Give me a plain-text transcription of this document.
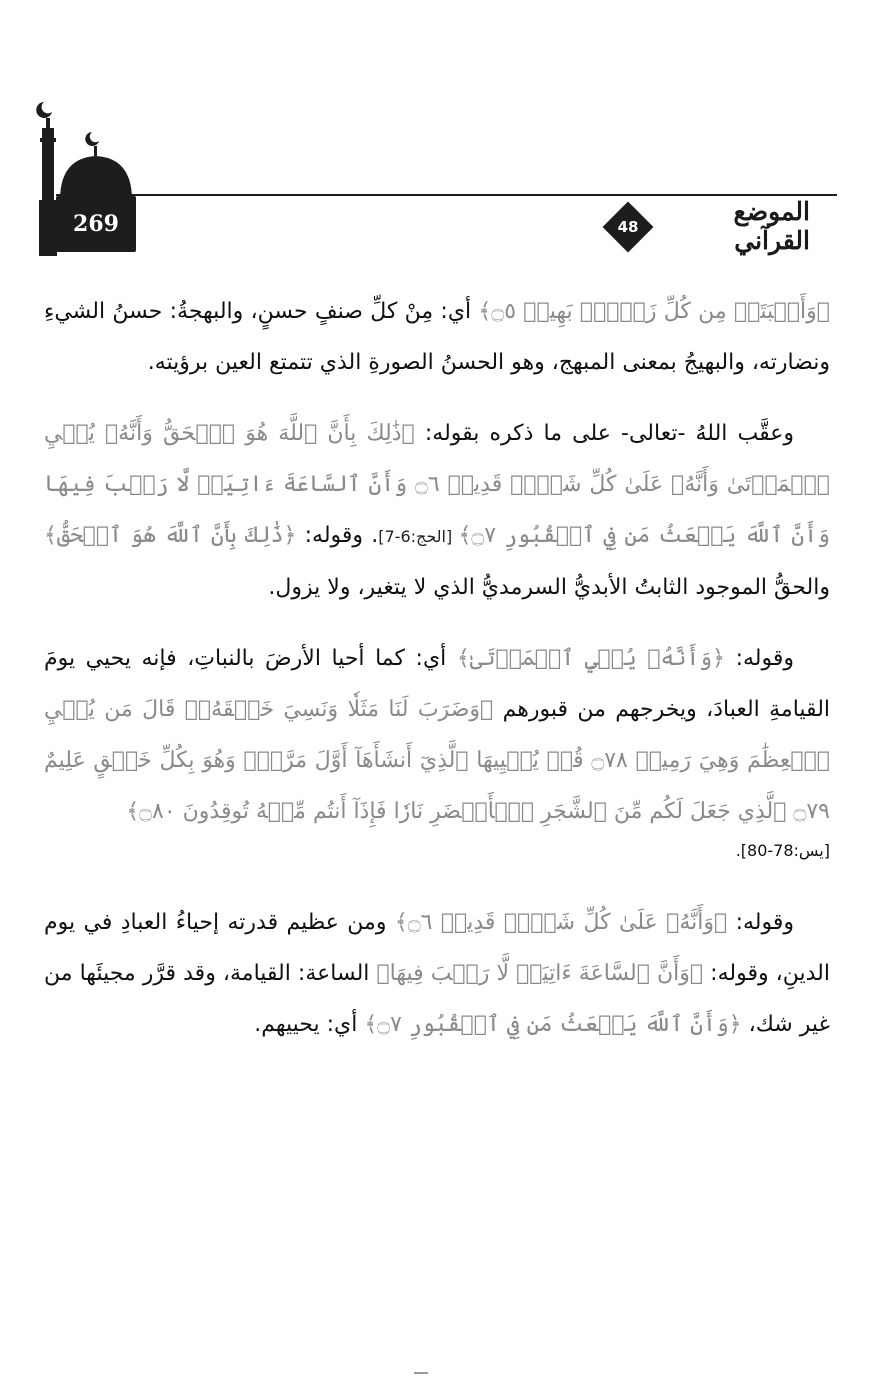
269	48
الموضع القرآني

﴿وَأَنۢبَتَتۡ مِن كُلِّ زَوۡجِۭ بَهِيجٖ ۝٥﴾ أي: مِنْ كلِّ صنفٍ حسنٍ، والبهجةُ: حسنُ الشيءِ ونضارته، والبهيجُ بمعنى المبهج، وهو الحسنُ الصورةِ الذي تتمتع العين برؤيته.

وعقَّب اللهُ -تعالى- على ما ذكره بقوله: ﴿ذَٰلِكَ بِأَنَّ ٱللَّهَ هُوَ ٱلۡحَقُّ وَأَنَّهُۥ يُحۡيِ ٱلۡمَوۡتَىٰ وَأَنَّهُۥ عَلَىٰ كُلِّ شَيۡءٖ قَدِيرٞ ۝٦ وَأَنَّ ٱلسَّاعَةَ ءَاتِيَةٞ لَّا رَيۡبَ فِيهَا وَأَنَّ ٱللَّهَ يَبۡعَثُ مَن فِي ٱلۡقُبُورِ ۝٧﴾ [الحج:6-7]. وقوله: ﴿ذَٰلِكَ بِأَنَّ ٱللَّهَ هُوَ ٱلۡحَقُّ﴾ والحقُّ الموجود الثابتُ الأبديُّ السرمديُّ الذي لا يتغير، ولا يزول.

وقوله: ﴿وَأَنَّهُۥ يُحۡيِ ٱلۡمَوۡتَىٰ﴾ أي: كما أحيا الأرضَ بالنباتِ، فإنه يحيي يومَ القيامةِ العبادَ، ويخرجهم من قبورهم ﴿وَضَرَبَ لَنَا مَثَلٗا وَنَسِيَ خَلۡقَهُۥۖ قَالَ مَن يُحۡيِ ٱلۡعِظَٰمَ وَهِيَ رَمِيمٞ ۝٧٨ قُلۡ يُحۡيِيهَا ٱلَّذِيٓ أَنشَأَهَآ أَوَّلَ مَرَّةٖۖ وَهُوَ بِكُلِّ خَلۡقٍ عَلِيمٌ ۝٧٩ ٱلَّذِي جَعَلَ لَكُم مِّنَ ٱلشَّجَرِ ٱلۡأَخۡضَرِ نَارٗا فَإِذَآ أَنتُم مِّنۡهُ تُوقِدُونَ ۝٨٠﴾

[يس:78-80].

وقوله: ﴿وَأَنَّهُۥ عَلَىٰ كُلِّ شَيۡءٖ قَدِيرٞ ۝٦﴾ ومن عظيم قدرته إحياءُ العبادِ في يوم الدينِ، وقوله: ﴿وَأَنَّ ٱلسَّاعَةَ ءَاتِيَةٞ لَّا رَيۡبَ فِيهَا﴾ الساعة: القيامة، وقد قرَّر مجيئَها من غير شك، ﴿وَأَنَّ ٱللَّهَ يَبۡعَثُ مَن فِي ٱلۡقُبُورِ ۝٧﴾ أي: يحييهم.
